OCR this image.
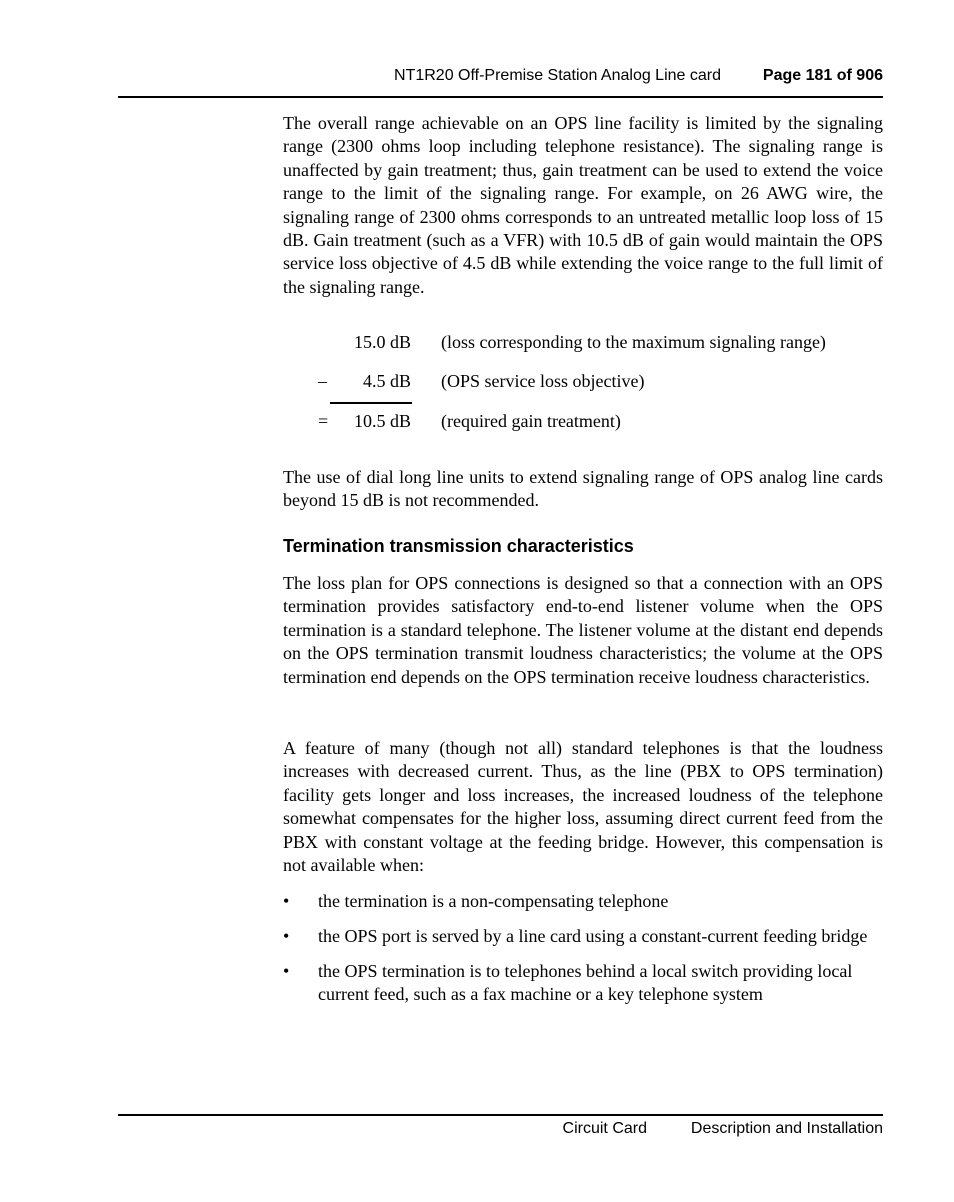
NT1R20 Off-Premise Station Analog Line card	Page 181 of 906

The overall range achievable on an OPS line facility is limited by the signaling range (2300 ohms loop including telephone resistance). The signaling range is unaffected by gain treatment; thus, gain treatment can be used to extend the voice range to the limit of the signaling range. For example, on 26 AWG wire, the signaling range of 2300 ohms corresponds to an untreated metallic loop loss of 15 dB. Gain treatment (such as a VFR) with 10.5 dB of gain would maintain the OPS service loss objective of 4.5 dB while extending the voice range to the full limit of the signaling range.

15.0 dB (loss corresponding to the maximum signaling range)
–	4.5 dB (OPS service loss objective)
=	10.5 dB (required gain treatment)

The use of dial long line units to extend signaling range of OPS analog line cards beyond 15 dB is not recommended.

Termination transmission characteristics

The loss plan for OPS connections is designed so that a connection with an OPS termination provides satisfactory end-to-end listener volume when the OPS termination is a standard telephone. The listener volume at the distant end depends on the OPS termination transmit loudness characteristics; the volume at the OPS termination end depends on the OPS termination receive loudness characteristics.

A feature of many (though not all) standard telephones is that the loudness increases with decreased current. Thus, as the line (PBX to OPS termination) facility gets longer and loss increases, the increased loudness of the telephone somewhat compensates for the higher loss, assuming direct current feed from the PBX with constant voltage at the feeding bridge. However, this compensation is not available when:

• the termination is a non-compensating telephone
• the OPS port is served by a line card using a constant-current feeding bridge
• the OPS termination is to telephones behind a local switch providing local current feed, such as a fax machine or a key telephone system
Circuit Card	Description and Installation
